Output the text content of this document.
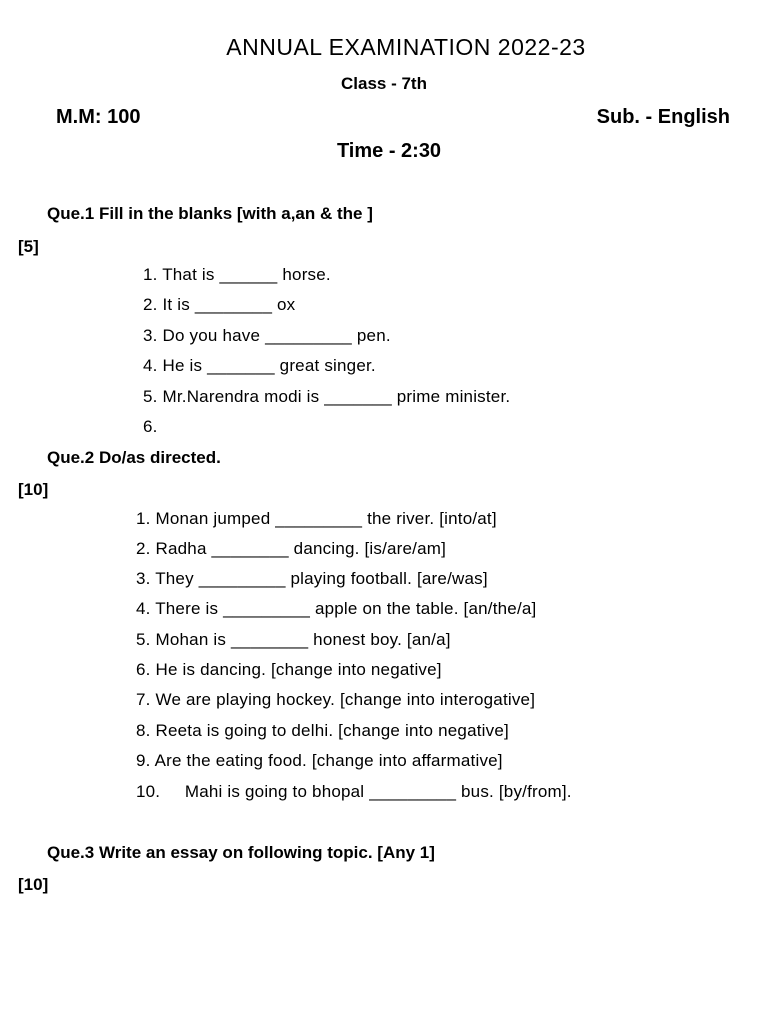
ANNUAL EXAMINATION 2022-23
Class - 7th
M.M: 100	Sub. - English
Time - 2:30
Que.1 Fill in the blanks [with a,an & the ]
[5]
1. That is ______ horse.
2. It is ________ ox
3. Do you have _________ pen.
4. He is _______ great singer.
5. Mr.Narendra modi is _______ prime minister.
6.
Que.2 Do/as directed.
[10]
1. Monan jumped _________ the river. [into/at]
2. Radha ________ dancing. [is/are/am]
3. They _________ playing football. [are/was]
4. There is _________ apple on the table. [an/the/a]
5. Mohan is ________ honest boy. [an/a]
6. He is dancing. [change into negative]
7. We are playing hockey. [change into interogative]
8. Reeta is going to delhi. [change into negative]
9. Are the eating food. [change into affarmative]
10.     Mahi is going to bhopal _________ bus. [by/from].
Que.3 Write an essay on following topic. [Any 1]
[10]
